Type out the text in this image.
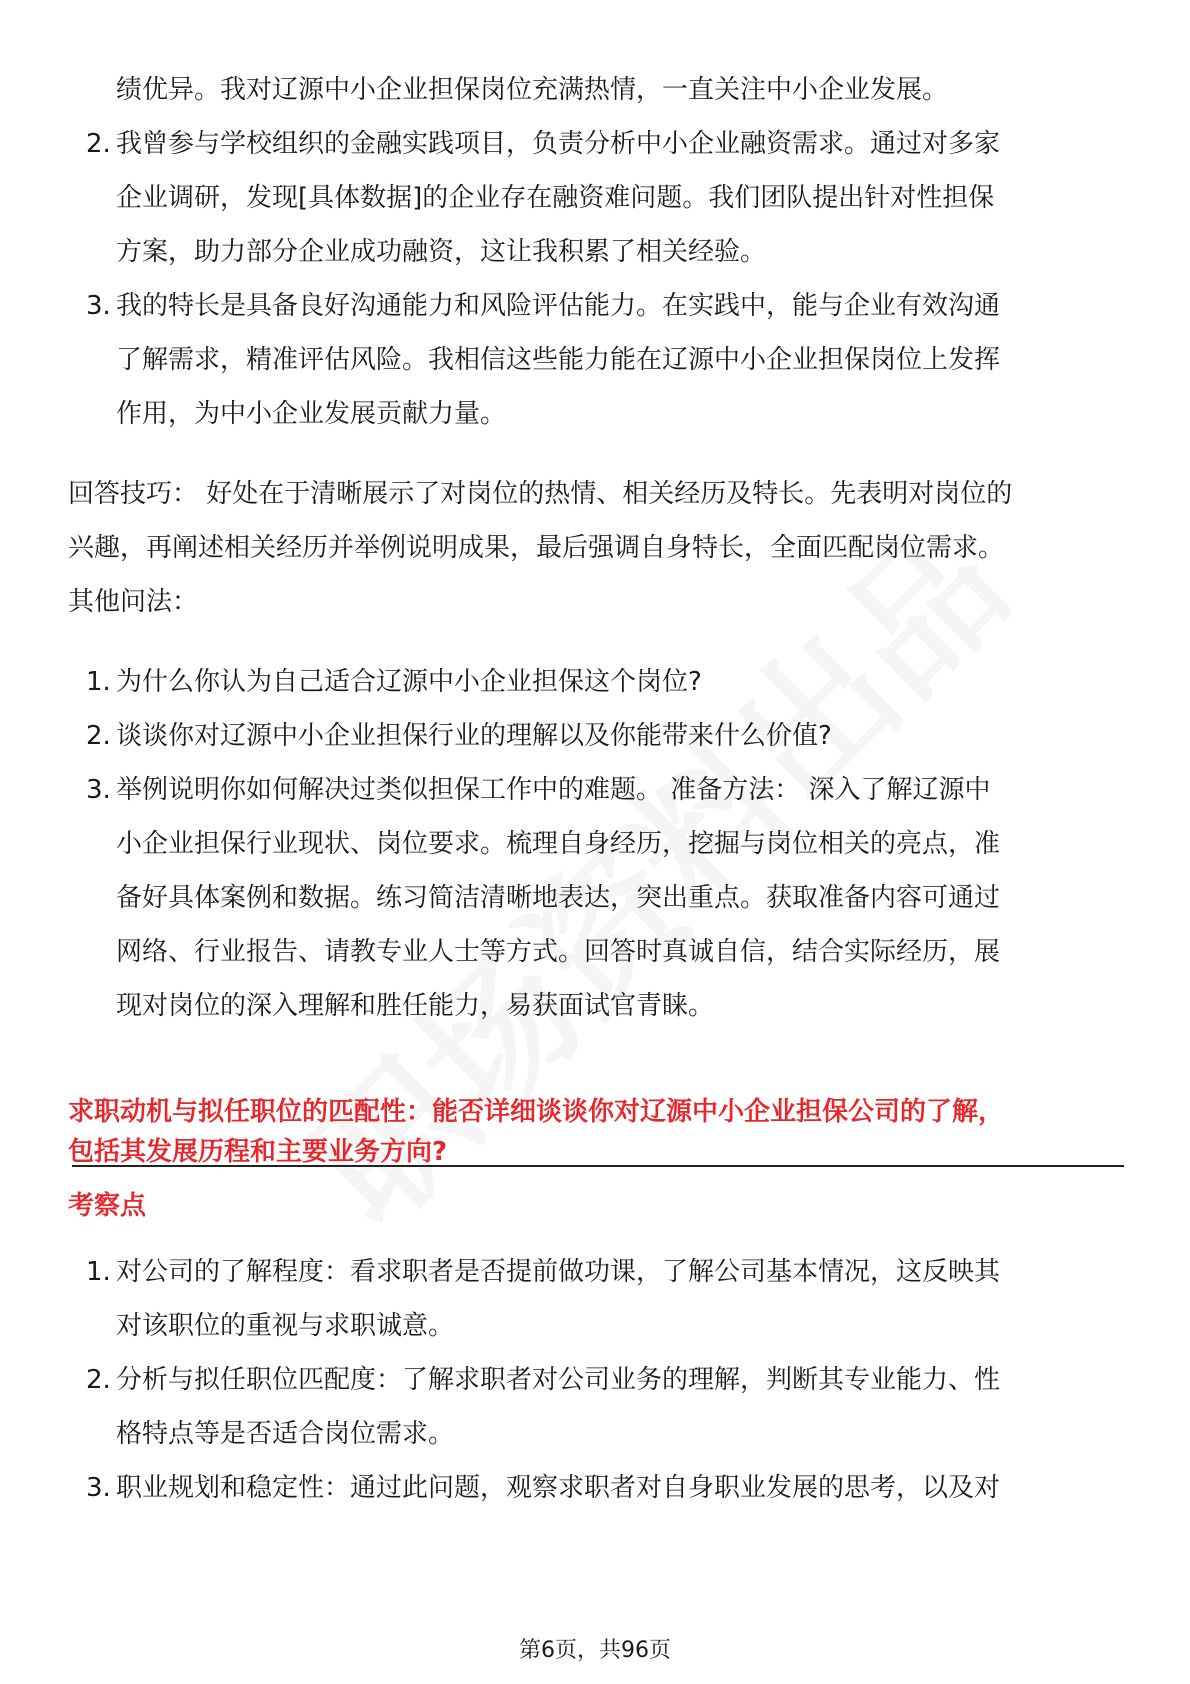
绩优异。我对辽源中小企业担保岗位充满热情，一直关注中小企业发展。
2. 我曾参与学校组织的金融实践项目，负责分析中小企业融资需求。通过对多家
企业调研，发现[具体数据]的企业存在融资难问题。我们团队提出针对性担保
方案，助力部分企业成功融资，这让我积累了相关经验。
3. 我的特长是具备良好沟通能力和风险评估能力。在实践中，能与企业有效沟通
了解需求，精准评估风险。我相信这些能力能在辽源中小企业担保岗位上发挥
作用，为中小企业发展贡献力量。
回答技巧： 好处在于清晰展示了对岗位的热情、相关经历及特长。先表明对岗位的
兴趣，再阐述相关经历并举例说明成果，最后强调自身特长，全面匹配岗位需求。
其他问法：
1. 为什么你认为自己适合辽源中小企业担保这个岗位?
2. 谈谈你对辽源中小企业担保行业的理解以及你能带来什么价值?
3. 举例说明你如何解决过类似担保工作中的难题。 准备方法： 深入了解辽源中
小企业担保行业现状、岗位要求。梳理自身经历，挖掘与岗位相关的亮点，准
备好具体案例和数据。练习简洁清晰地表达，突出重点。获取准备内容可通过
网络、行业报告、请教专业人士等方式。回答时真诚自信，结合实际经历，展
现对岗位的深入理解和胜任能力，易获面试官青睐。
求职动机与拟任职位的匹配性：能否详细谈谈你对辽源中小企业担保公司的了解，
包括其发展历程和主要业务方向?
考察点
1. 对公司的了解程度：看求职者是否提前做功课，了解公司基本情况，这反映其
对该职位的重视与求职诚意。
2. 分析与拟任职位匹配度：了解求职者对公司业务的理解，判断其专业能力、性
格特点等是否适合岗位需求。
3. 职业规划和稳定性：通过此问题，观察求职者对自身职业发展的思考，以及对
第6页，共96页
